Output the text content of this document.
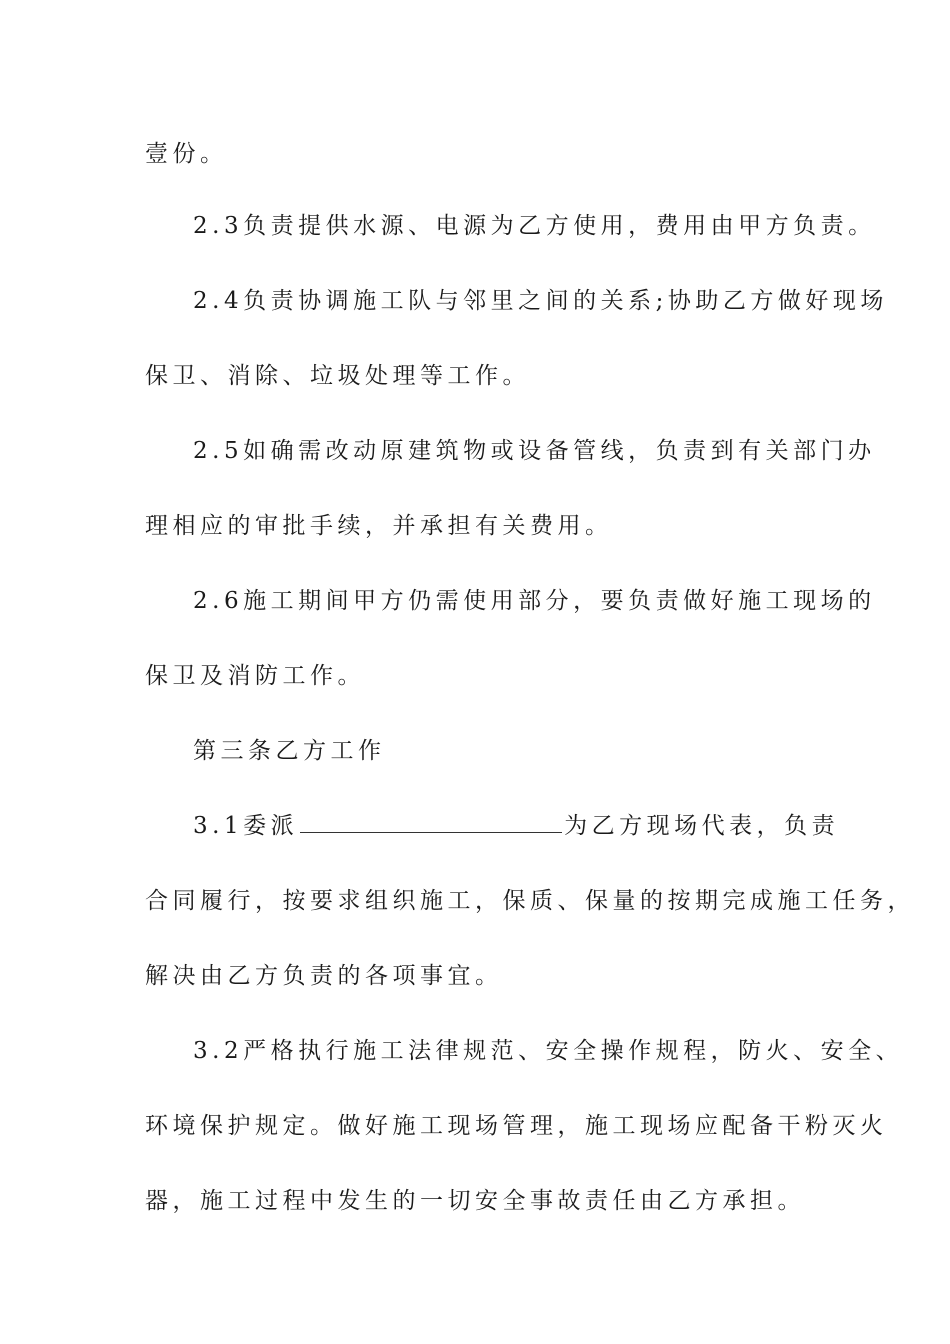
壹份。
2.3负责提供水源、电源为乙方使用，费用由甲方负责。
2.4负责协调施工队与邻里之间的关系;协助乙方做好现场
保卫、消除、垃圾处理等工作。
2.5如确需改动原建筑物或设备管线，负责到有关部门办
理相应的审批手续，并承担有关费用。
2.6施工期间甲方仍需使用部分，要负责做好施工现场的
保卫及消防工作。
第三条乙方工作
3.1委派	为乙方现场代表，负责
合同履行，按要求组织施工，保质、保量的按期完成施工任务，
解决由乙方负责的各项事宜。
3.2严格执行施工法律规范、安全操作规程，防火、安全、
环境保护规定。做好施工现场管理，施工现场应配备干粉灭火
器，施工过程中发生的一切安全事故责任由乙方承担。
